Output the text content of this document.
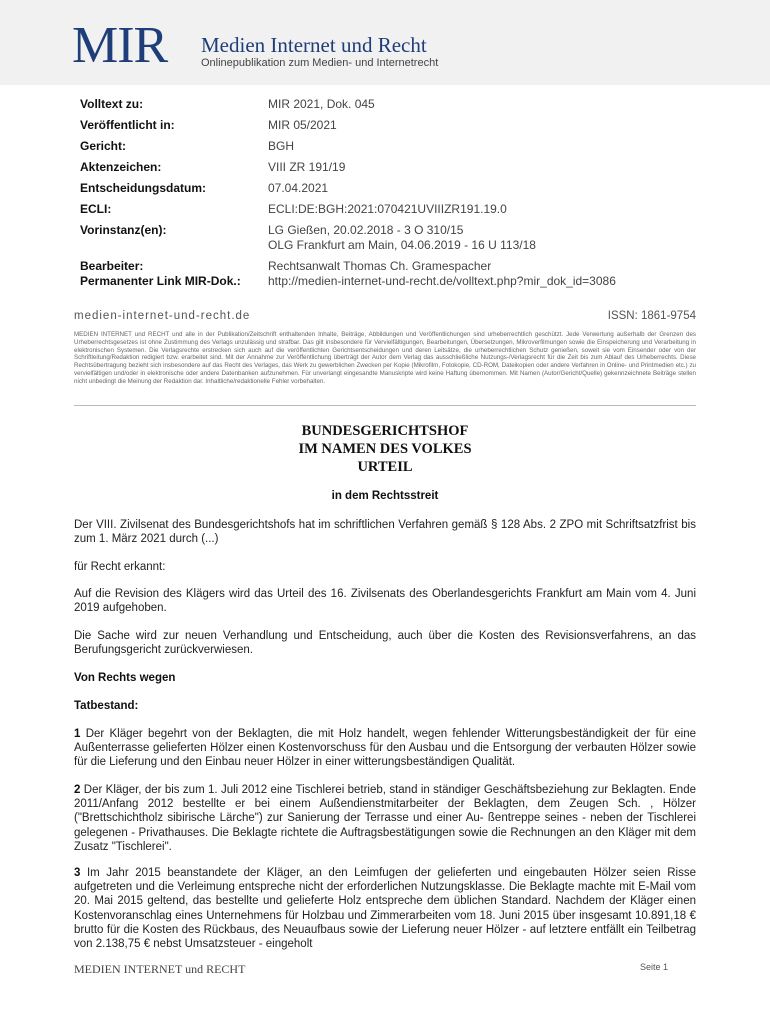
MIR Medien Internet und Recht
Onlinepublikation zum Medien- und Internetrecht
Volltext zu:	MIR 2021, Dok. 045
Veröffentlicht in:	MIR 05/2021
Gericht:	BGH
Aktenzeichen:	VIII ZR 191/19
Entscheidungsdatum:	07.04.2021
ECLI:	ECLI:DE:BGH:2021:070421UVIIIZR191.19.0
Vorinstanz(en):	LG Gießen, 20.02.2018 - 3 O 310/15
OLG Frankfurt am Main, 04.06.2019 - 16 U 113/18
Bearbeiter:	Rechtsanwalt Thomas Ch. Gramespacher
Permanenter Link MIR-Dok.:	http://medien-internet-und-recht.de/volltext.php?mir_dok_id=3086
medien-internet-und-recht.de	ISSN: 1861-9754
MEDIEN INTERNET und RECHT und alle in der Publikation/Zeitschrift enthaltenden Inhalte, Beiträge, Abbildungen und Veröffentlichungen sind urheberrechtlich geschützt. Jede Verwertung außerhalb der Grenzen des Urheberrechtsgesetzes ist ohne Zustimmung des Verlags unzulässig und strafbar. Das gilt insbesondere für Vervielfältigungen, Bearbeitungen, Übersetzungen, Mikroverfilmungen sowie die Einspeicherung und Verarbeitung in elektronischen Systemen. Die Verlagsrechte erstrecken sich auch auf die veröffentlichten Gerichtsentscheidungen und deren Leitsätze, die urheberrechtlichen Schutz genießen, soweit sie vom Einsender oder von der Schriftleitung/Redaktion redigiert bzw. erarbeitet sind. Mit der Annahme zur Veröffentlichung überträgt der Autor dem Verlag das ausschließliche Nutzungs-/Verlagsrecht für die Zeit bis zum Ablauf des Urheberrechts. Diese Rechtsübertragung bezieht sich insbesondere auf das Recht des Verlages, das Werk zu gewerblichen Zwecken per Kopie (Mikrofilm, Fotokopie, CD-ROM, Dateikopien oder andere Verfahren in Online- und Printmedien etc.) zu vervielfältigen und/oder in elektronische oder andere Datenbanken aufzunehmen. Für unverlangt eingesandte Manuskripte wird keine Haftung übernommen. Mit Namen (Autor/Gericht/Quelle) gekennzeichnete Beiträge stellen nicht unbedingt die Meinung der Redaktion dar. Inhaltliche/redaktionelle Fehler vorbehalten.
BUNDESGERICHTSHOF
IM NAMEN DES VOLKES
URTEIL
in dem Rechtsstreit
Der VIII. Zivilsenat des Bundesgerichtshofs hat im schriftlichen Verfahren gemäß § 128 Abs. 2 ZPO mit Schriftsatzfrist bis zum 1. März 2021 durch (...)
für Recht erkannt:
Auf die Revision des Klägers wird das Urteil des 16. Zivilsenats des Oberlandesgerichts Frankfurt am Main vom 4. Juni 2019 aufgehoben.
Die Sache wird zur neuen Verhandlung und Entscheidung, auch über die Kosten des Revisionsverfahrens, an das Berufungsgericht zurückverwiesen.
Von Rechts wegen
Tatbestand:
1 Der Kläger begehrt von der Beklagten, die mit Holz handelt, wegen fehlender Witterungsbeständigkeit der für eine Außenterrasse gelieferten Hölzer einen Kostenvorschuss für den Ausbau und die Entsorgung der verbauten Hölzer sowie für die Lieferung und den Einbau neuer Hölzer in einer witterungsbeständigen Qualität.
2 Der Kläger, der bis zum 1. Juli 2012 eine Tischlerei betrieb, stand in ständiger Geschäftsbeziehung zur Beklagten. Ende 2011/Anfang 2012 bestellte er bei einem Außendienstmitarbeiter der Beklagten, dem Zeugen Sch. , Hölzer ("Brettschichtholz sibirische Lärche") zur Sanierung der Terrasse und einer Au- ßentreppe seines - neben der Tischlerei gelegenen - Privathauses. Die Beklagte richtete die Auftragsbestätigungen sowie die Rechnungen an den Kläger mit dem Zusatz "Tischlerei".
3 Im Jahr 2015 beanstandete der Kläger, an den Leimfugen der gelieferten und eingebauten Hölzer seien Risse aufgetreten und die Verleimung entspreche nicht der erforderlichen Nutzungsklasse. Die Beklagte machte mit E-Mail vom 20. Mai 2015 geltend, das bestellte und gelieferte Holz entspreche dem üblichen Standard. Nachdem der Kläger einen Kostenvoranschlag eines Unternehmens für Holzbau und Zimmerarbeiten vom 18. Juni 2015 über insgesamt 10.891,18 € brutto für die Kosten des Rückbaus, des Neuaufbaus sowie der Lieferung neuer Hölzer - auf letztere entfällt ein Teilbetrag von 2.138,75 € nebst Umsatzsteuer - eingeholt
MEDIEN INTERNET und RECHT	Seite 1
